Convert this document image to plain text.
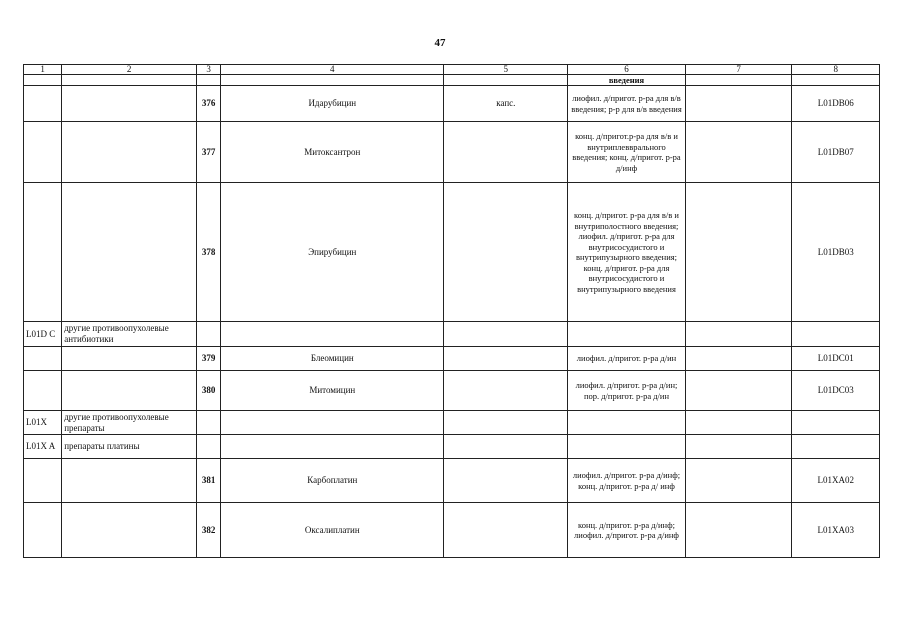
47
1	2	3	4	5	6	7	8
					введения		
		376	Идарубицин	капс.	лиофил. д/пригот. р-ра для в/в введения; р-р для в/в введения		L01DB06
		377	Митоксантрон		конц. д/пригот.р-ра для в/в и внутриплевврального введения; конц. д/пригот. р-ра д/инф		L01DB07
		378	Эпирубицин		конц. д/пригот. р-ра для в/в и внутриполостного введения; лиофил. д/пригот. р-ра для внутрисосудистого и внутрипузырного введения; конц. д/пригот. р-ра для внутрисосудистого и внутрипузырного введения		L01DB03
L01D C	другие противоопухолевые антибиотики						
		379	Блеомицин		лиофил. д/пригот. р-ра д/ин		L01DC01
		380	Митомицин		лиофил. д/пригот. р-ра д/ин; пор. д/пригот. р-ра д/ин		L01DC03
L01X	другие противоопухолевые препараты						
L01X A	препараты платины						
		381	Карбоплатин		лиофил. д/пригот. р-ра д/инф; конц. д/пригот. р-ра д/ инф		L01XA02
		382	Оксалиплатин		конц. д/пригот. р-ра д/инф; лиофил. д/пригот. р-ра д/инф		L01XA03
